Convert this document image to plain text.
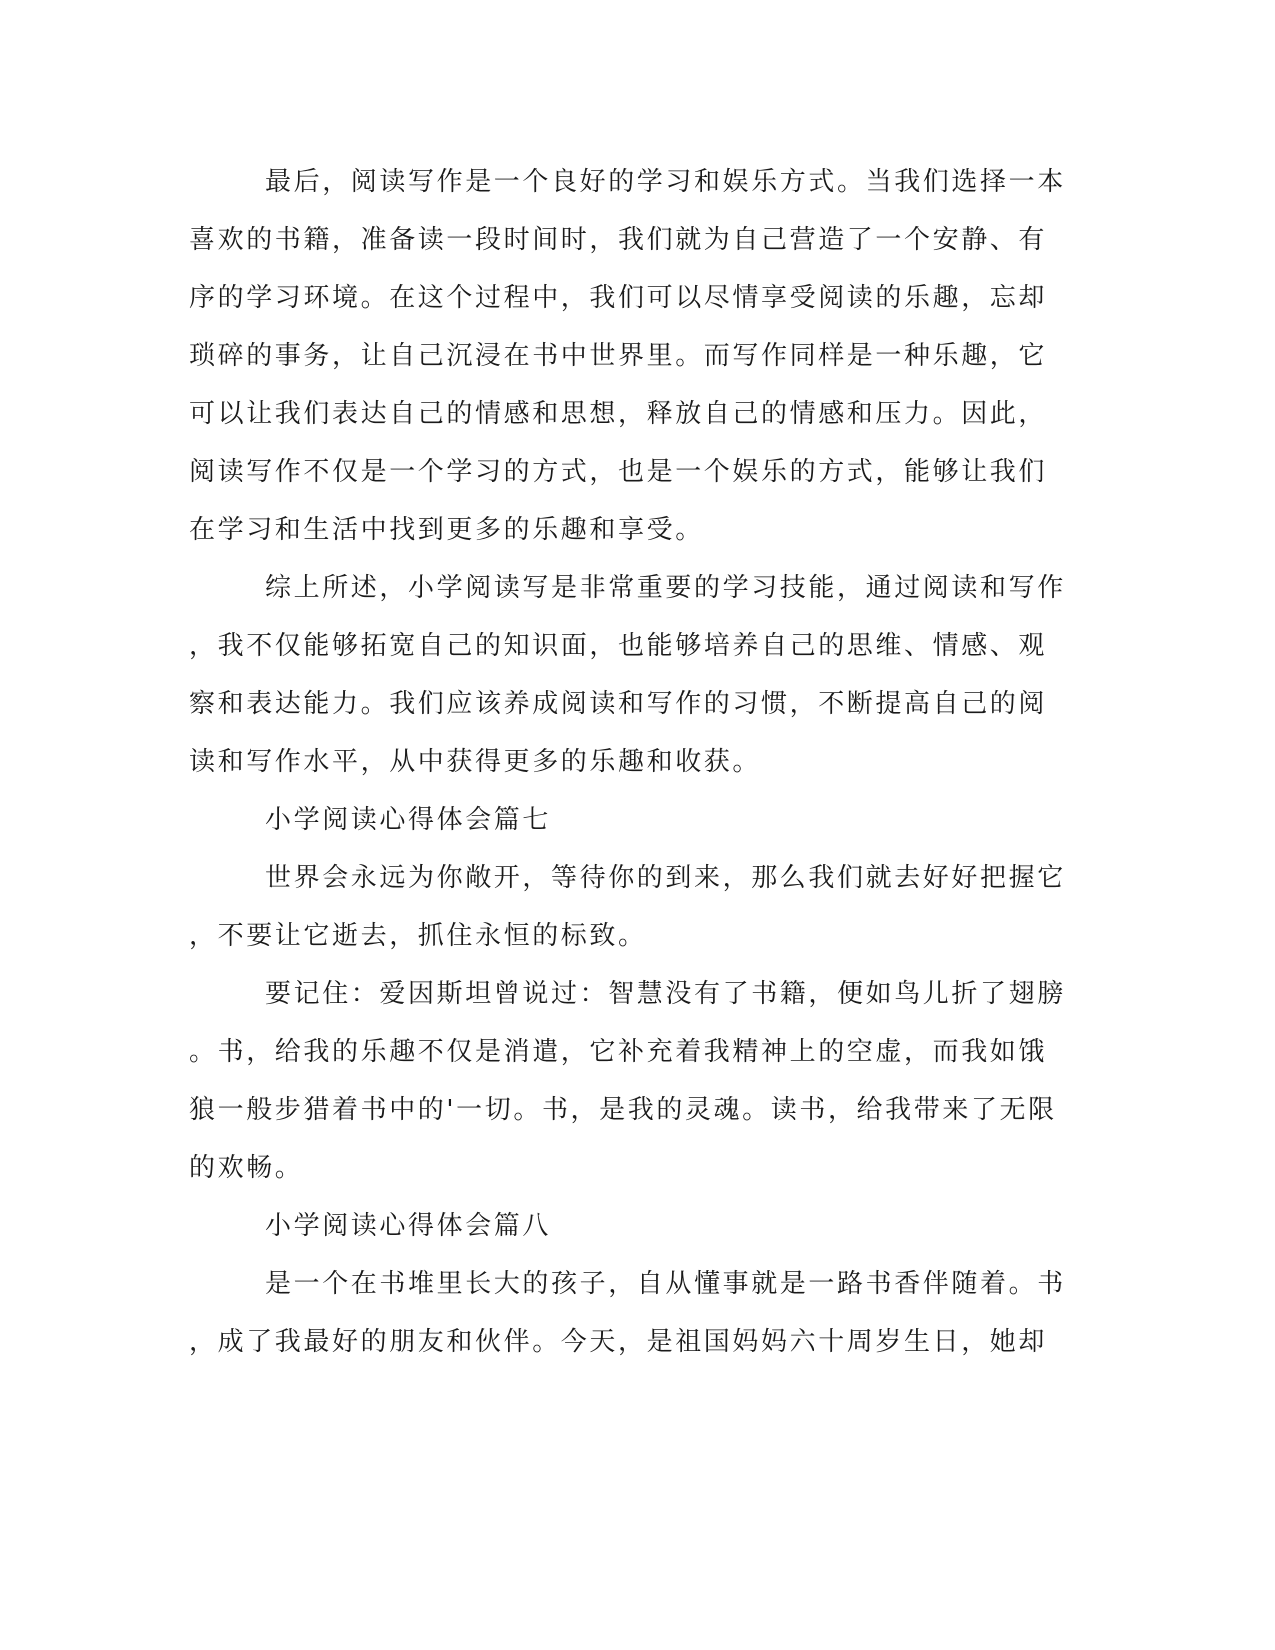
最后，阅读写作是一个良好的学习和娱乐方式。当我们选择一本
喜欢的书籍，准备读一段时间时，我们就为自己营造了一个安静、有
序的学习环境。在这个过程中，我们可以尽情享受阅读的乐趣，忘却
琐碎的事务，让自己沉浸在书中世界里。而写作同样是一种乐趣，它
可以让我们表达自己的情感和思想，释放自己的情感和压力。因此，
阅读写作不仅是一个学习的方式，也是一个娱乐的方式，能够让我们
在学习和生活中找到更多的乐趣和享受。
综上所述，小学阅读写是非常重要的学习技能，通过阅读和写作
，我不仅能够拓宽自己的知识面，也能够培养自己的思维、情感、观
察和表达能力。我们应该养成阅读和写作的习惯，不断提高自己的阅
读和写作水平，从中获得更多的乐趣和收获。
小学阅读心得体会篇七
世界会永远为你敞开，等待你的到来，那么我们就去好好把握它
，不要让它逝去，抓住永恒的标致。
要记住：爱因斯坦曾说过：智慧没有了书籍，便如鸟儿折了翅膀
。书，给我的乐趣不仅是消遣，它补充着我精神上的空虚，而我如饿
狼一般步猎着书中的'一切。书，是我的灵魂。读书，给我带来了无限
的欢畅。
小学阅读心得体会篇八
是一个在书堆里长大的孩子，自从懂事就是一路书香伴随着。书
，成了我最好的朋友和伙伴。今天，是祖国妈妈六十周岁生日，她却
